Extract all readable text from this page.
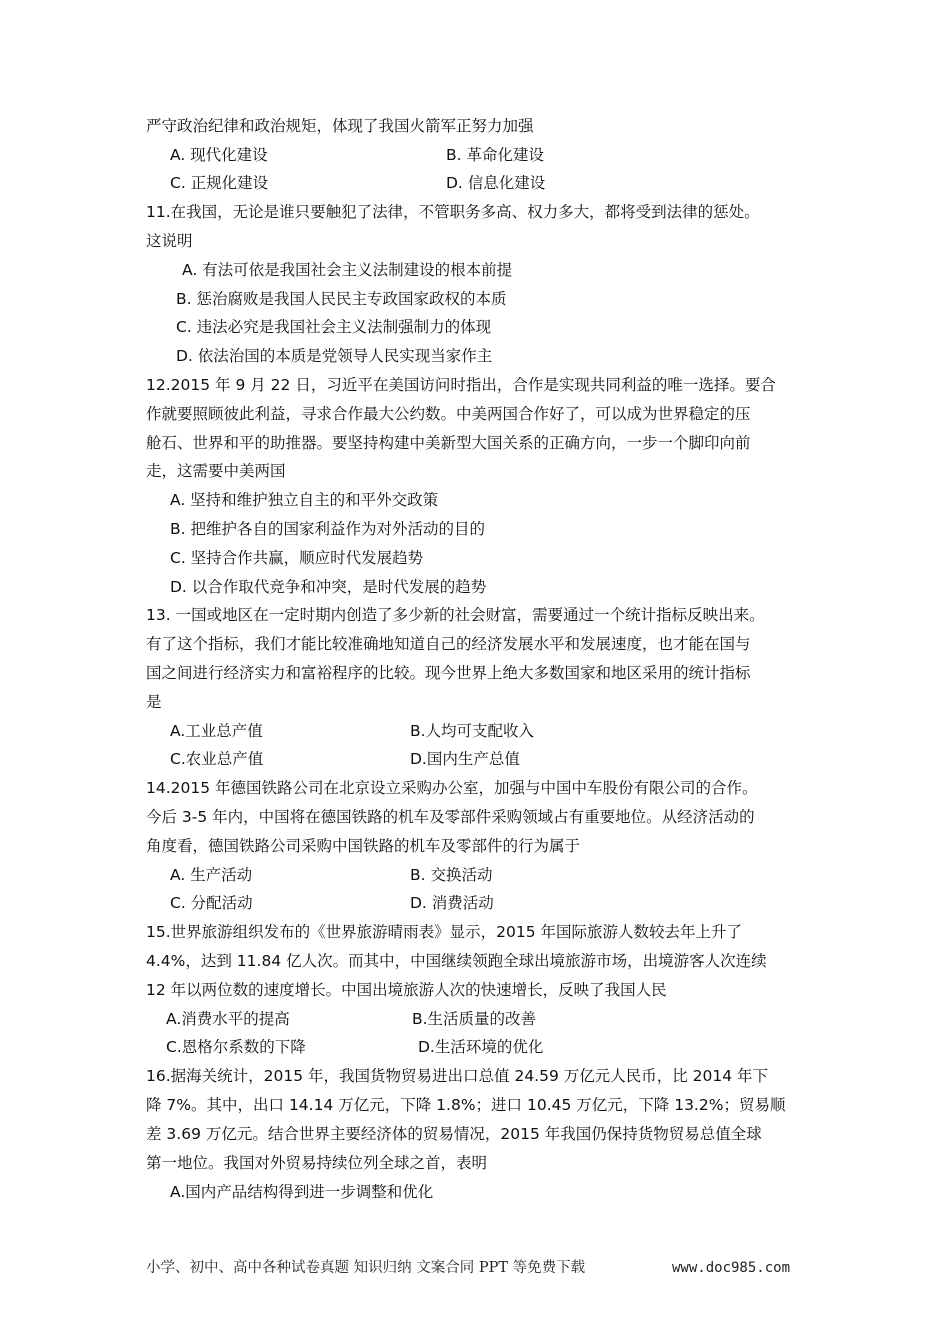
严守政治纪律和政治规矩，体现了我国火箭军正努力加强
A. 现代化建设	B. 革命化建设
C. 正规化建设	D. 信息化建设
11.在我国，无论是谁只要触犯了法律，不管职务多高、权力多大，都将受到法律的惩处。
这说明
A. 有法可依是我国社会主义法制建设的根本前提
B. 惩治腐败是我国人民民主专政国家政权的本质
C. 违法必究是我国社会主义法制强制力的体现
D. 依法治国的本质是党领导人民实现当家作主
12.2015 年 9 月 22 日，习近平在美国访问时指出，合作是实现共同利益的唯一选择。要合
作就要照顾彼此利益，寻求合作最大公约数。中美两国合作好了，可以成为世界稳定的压
舱石、世界和平的助推器。要坚持构建中美新型大国关系的正确方向，一步一个脚印向前
走，这需要中美两国
A. 坚持和维护独立自主的和平外交政策
B. 把维护各自的国家利益作为对外活动的目的
C. 坚持合作共赢，顺应时代发展趋势
D. 以合作取代竞争和冲突，是时代发展的趋势
13. 一国或地区在一定时期内创造了多少新的社会财富，需要通过一个统计指标反映出来。
有了这个指标，我们才能比较准确地知道自己的经济发展水平和发展速度，也才能在国与
国之间进行经济实力和富裕程序的比较。现今世界上绝大多数国家和地区采用的统计指标
是
A.工业总产值	B.人均可支配收入
C.农业总产值	D.国内生产总值
14.2015 年德国铁路公司在北京设立采购办公室，加强与中国中车股份有限公司的合作。
今后 3-5 年内，中国将在德国铁路的机车及零部件采购领域占有重要地位。从经济活动的
角度看，德国铁路公司采购中国铁路的机车及零部件的行为属于
A. 生产活动	B. 交换活动
C. 分配活动	D. 消费活动
15.世界旅游组织发布的《世界旅游晴雨表》显示，2015 年国际旅游人数较去年上升了
4.4%，达到 11.84 亿人次。而其中，中国继续领跑全球出境旅游市场，出境游客人次连续
12 年以两位数的速度增长。中国出境旅游人次的快速增长，反映了我国人民
A.消费水平的提高	B.生活质量的改善
C.恩格尔系数的下降	D.生活环境的优化
16.据海关统计，2015 年，我国货物贸易进出口总值 24.59 万亿元人民币，比 2014 年下
降 7%。其中，出口 14.14 万亿元，下降 1.8%；进口 10.45 万亿元，下降 13.2%；贸易顺
差 3.69 万亿元。结合世界主要经济体的贸易情况，2015 年我国仍保持货物贸易总值全球
第一地位。我国对外贸易持续位列全球之首，表明
A.国内产品结构得到进一步调整和优化
小学、初中、高中各种试卷真题 知识归纳 文案合同 PPT 等免费下载	www.doc985.com
